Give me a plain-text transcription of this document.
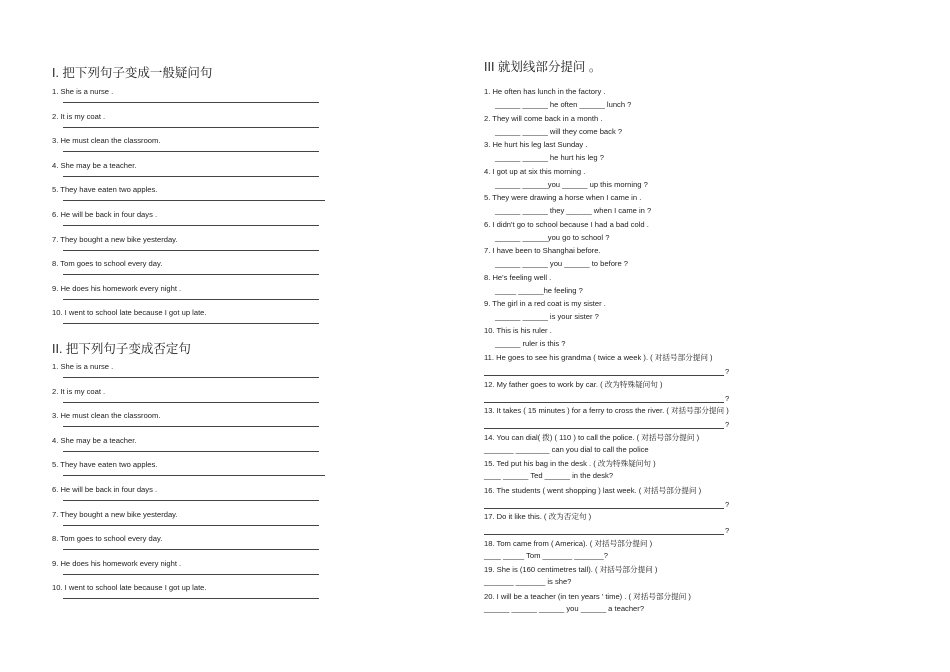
I. 把下列句子变成一般疑问句
1. She is a nurse .
2. It is my coat .
3. He must clean the classroom.
4. She may be a teacher.
5. They have eaten two apples.
6. He will be back in four days .
7. They bought a new bike yesterday.
8. Tom goes to school every day.
9. He does his homework every night .
10. I went to school late because I got up late.
II. 把下列句子变成否定句
1. She is a nurse .
2. It is my coat .
3. He must clean the classroom.
4. She may be a teacher.
5. They have eaten two apples.
6. He will be back in four days .
7. They bought a new bike yesterday.
8. Tom goes to school every day.
9. He does his homework every night .
10. I went to school late because I got up late.
III 就划线部分提问 。
1. He often has lunch in the factory .
______ ______ he often ______ lunch ?
2. They will come back in a month .
______ ______ will they come back ?
3. He hurt his leg last Sunday .
______ ______ he hurt his leg ?
4. I got up at six this morning .
______ ______you ______ up this morning ?
5. They were drawing a horse when I came in .
______ ______ they ______ when I came in ?
6. I didn't go to school because I had a bad cold .
______ ______you go to school ?
7. I have been to Shanghai before.
______ ______ you ______ to before ?
8. He's feeling well .
_____ ______he feeling ?
9. The girl in a red coat is my sister .
______ ______ is your sister ?
10. This is his ruler .
______ ruler is this ?
11. He goes to see his grandma ( twice a week ). ( 对括号部分提问 )
?
12. My father goes to work by car. ( 改为特殊疑问句 )
?
13. It takes ( 15 minutes ) for a ferry to cross the river. ( 对括号部分提问 )
?
14. You can dial( 拨) ( 110 ) to call the police. ( 对括号部分提问 )
_______ ________ can you dial to call the police
15. Ted put his bag in the desk . ( 改为特殊疑问句 )
____ ______ Ted ______ in the desk?
16. The students ( went shopping ) last week. ( 对括号部分提问 )
?
17. Do it like this. ( 改为否定句 )
?
18. Tom came from ( America). ( 对括号部分提问 )
____ _____ Tom _______ _______?
19. She is (160 centimetres tall). ( 对括号部分提问 )
_______ _______ is she?
20. I will be a teacher (in ten years ' time) . ( 对括号部分提问 )
______ ______ ______ you ______ a teacher?
